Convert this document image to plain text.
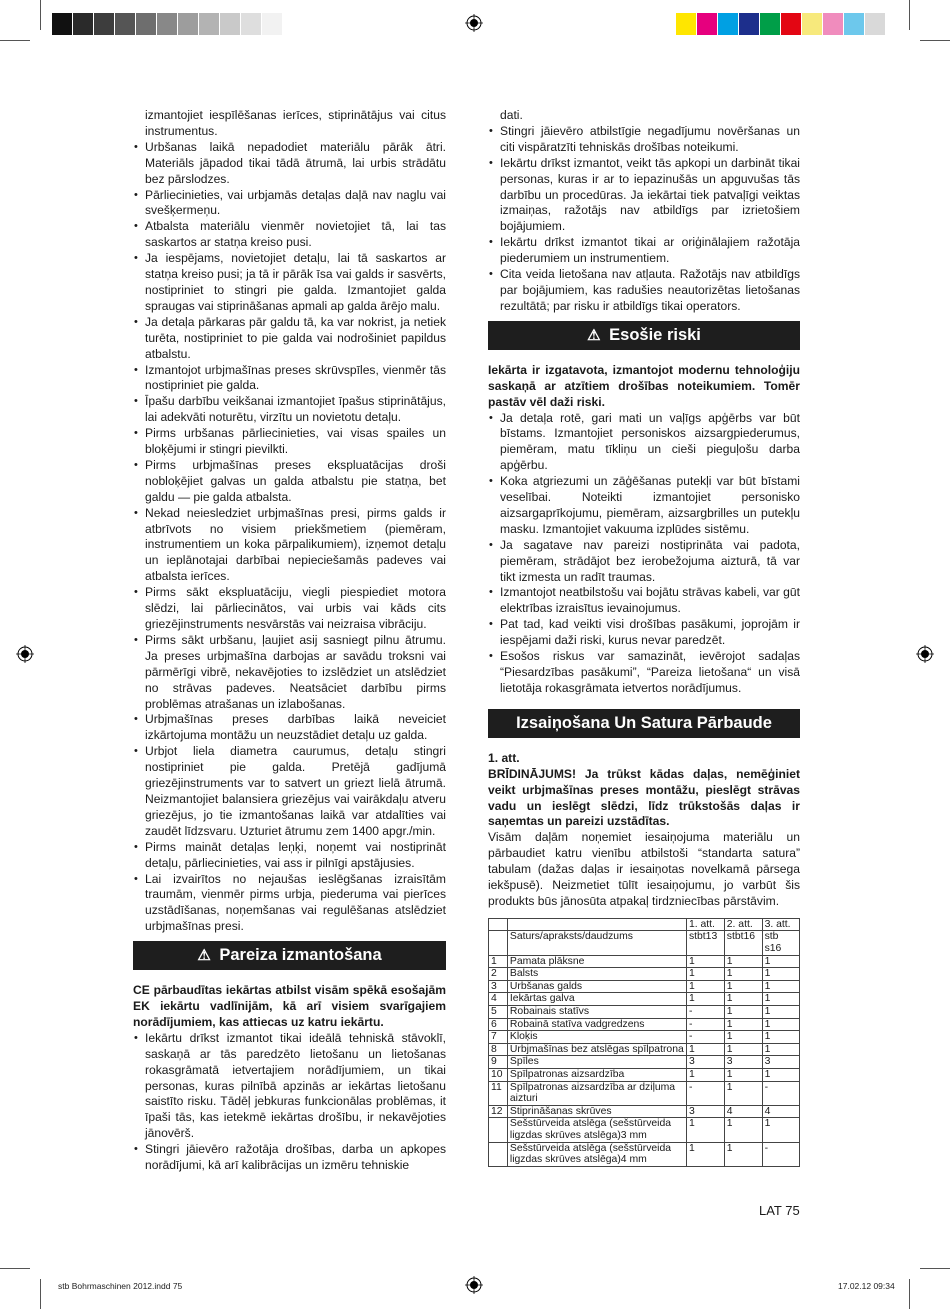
izmantojiet iespīlēšanas ierīces, stiprinātājus vai citus instrumentus.
• Urbšanas laikā nepadodiet materiālu pārāk ātri. Materiāls jāpadod tikai tādā ātrumā, lai urbis strādātu bez pārslodzes.
• Pārliecinieties, vai urbjamās detaļas daļā nav naglu vai svešķermeņu.
• Atbalsta materiālu vienmēr novietojiet tā, lai tas saskartos ar statņa kreiso pusi.
• Ja iespējams, novietojiet detaļu, lai tā saskartos ar statņa kreiso pusi; ja tā ir pārāk īsa vai galds ir sasvērts, nostipriniet to stingri pie galda. Izmantojiet galda spraugas vai stiprināšanas apmali ap galda ārējo malu.
• Ja detaļa pārkaras pār galdu tā, ka var nokrist, ja netiek turēta, nostipriniet to pie galda vai nodrošiniet papildus atbalstu.
• Izmantojot urbjmašīnas preses skrūvspīles, vienmēr tās nostipriniet pie galda.
• Īpašu darbību veikšanai izmantojiet īpašus stiprinātājus, lai adekvāti noturētu, virzītu un novietotu detaļu.
• Pirms urbšanas pārliecinieties, vai visas spailes un bloķējumi ir stingri pievilkti.
• Pirms urbjmašīnas preses ekspluatācijas droši nobloķējiet galvas un galda atbalstu pie statņa, bet galdu — pie galda atbalsta.
• Nekad neiesledziet urbjmašīnas presi, pirms galds ir atbrīvots no visiem priekšmetiem (piemēram, instrumentiem un koka pārpalikumiem), izņemot detaļu un ieplānotajai darbībai nepieciešamās padeves vai atbalsta ierīces.
• Pirms sākt ekspluatāciju, viegli piespiediet motora slēdzi, lai pārliecinātos, vai urbis vai kāds cits griezējinstruments nesvārstās vai neizraisa vibrāciju.
• Pirms sākt urbšanu, ļaujiet asij sasniegt pilnu ātrumu. Ja preses urbjmašīna darbojas ar savādu troksni vai pārmērīgi vibrē, nekavējoties to izslēdziet un atslēdziet no strāvas padeves. Neatsāciet darbību pirms problēmas atrašanas un izlabošanas.
• Urbjmašīnas preses darbības laikā neveiciet izkārtojuma montāžu un neuzstādiet detaļu uz galda.
• Urbjot liela diametra caurumus, detaļu stingri nostipriniet pie galda. Pretējā gadījumā griezējinstruments var to satvert un griezt lielā ātrumā. Neizmantojiet balansiera griezējus vai vairākdaļu atveru griezējus, jo tie izmantošanas laikā var atdalīties vai zaudēt līdzsvaru. Uzturiet ātrumu zem 1400 apgr./min.
• Pirms maināt detaļas leņķi, noņemt vai nostiprināt detaļu, pārliecinieties, vai ass ir pilnīgi apstājusies.
• Lai izvairītos no nejaušas ieslēgšanas izraisītām traumām, vienmēr pirms urbja, piederuma vai pierīces uzstādīšanas, noņemšanas vai regulēšanas atslēdziet urbjmašīnas presi.
⚠ Pareiza izmantošana

CE pārbaudītas iekārtas atbilst visām spēkā esošajām EK iekārtu vadlīnijām, kā arī visiem svarīgajiem norādījumiem, kas attiecas uz katru iekārtu.

• Iekārtu drīkst izmantot tikai ideālā tehniskā stāvoklī, saskaņā ar tās paredzēto lietošanu un lietošanas rokasgrāmatā ietvertajiem norādījumiem, un tikai personas, kuras pilnībā apzinās ar iekārtas lietošanu saistīto risku. Tādēļ jebkuras funkcionālas problēmas, it īpaši tās, kas ietekmē iekārtas drošību, ir nekavējoties jānovērš.
• Stingri jāievēro ražotāja drošības, darba un apkopes norādījumi, kā arī kalibrācijas un izmēru tehniskie
dati.
• Stingri jāievēro atbilstīgie negadījumu novēršanas un citi vispāratzīti tehniskās drošības noteikumi.
• Iekārtu drīkst izmantot, veikt tās apkopi un darbināt tikai personas, kuras ir ar to iepazinušās un apguvušas tās darbību un procedūras. Ja iekārtai tiek patvaļīgi veiktas izmaiņas, ražotājs nav atbildīgs par izrietošiem bojājumiem.
• Iekārtu drīkst izmantot tikai ar oriģinālajiem ražotāja piederumiem un instrumentiem.
• Cita veida lietošana nav atļauta. Ražotājs nav atbildīgs par bojājumiem, kas radušies neautorizētas lietošanas rezultātā; par risku ir atbildīgs tikai operators.
⚠ Esošie riski

Iekārta ir izgatavota, izmantojot modernu tehnoloģiju saskaņā ar atzītiem drošības noteikumiem. Tomēr pastāv vēl daži riski.

• Ja detaļa rotē, gari mati un vaļīgs apģērbs var būt bīstams. Izmantojiet personiskos aizsargpiederumus, piemēram, matu tīkliņu un cieši pieguļošu darba apģērbu.
• Koka atgriezumi un zāģēšanas putekļi var būt bīstami veselībai. Noteikti izmantojiet personisko aizsargaprīkojumu, piemēram, aizsargbrilles un putekļu masku. Izmantojiet vakuuma izplūdes sistēmu.
• Ja sagatave nav pareizi nostiprināta vai padota, piemēram, strādājot bez ierobežojuma aizturā, tā var tikt izmesta un radīt traumas.
• Izmantojot neatbilstošu vai bojātu strāvas kabeli, var gūt elektrības izraisītus ievainojumus.
• Pat tad, kad veikti visi drošības pasākumi, joprojām ir iespējami daži riski, kurus nevar paredzēt.
• Esošos riskus var samazināt, ievērojot sadaļas “Piesardzības pasākumi”, “Pareiza lietošana“ un visā lietotāja rokasgrāmata ietvertos norādījumus.
Izsaiņošana Un Satura Pārbaude

1. att.

BRĪDINĀJUMS! Ja trūkst kādas daļas, nemēģiniet veikt urbjmašīnas preses montāžu, pieslēgt strāvas vadu un ieslēgt slēdzi, līdz trūkstošās daļas ir saņemtas un pareizi uzstādītas.

Visām daļām noņemiet iesaiņojuma materiālu un pārbaudiet katru vienību atbilstoši “standarta satura” tabulam (dažas daļas ir iesaiņotas novelkamā pārsega iekšpusē). Neizmetiet tūlīt iesaiņojumu, jo varbūt šis produkts būs jānosūta atpakaļ tirdzniecības pārstāvim.

		1. att.	2. att.	3. att.
	Saturs/apraksts/daudzums	stbt13	stbt16	stb s16
1	Pamata plāksne	1	1	1
2	Balsts	1	1	1
3	Urbšanas galds	1	1	1
4	Iekārtas galva	1	1	1
5	Robainais statīvs	-	1	1
6	Robainā statīva vadgredzens	-	1	1
7	Kloķis	-	1	1
8	Urbjmašīnas bez atslēgas spīlpatrona	1	1	1
9	Spīles	3	3	3
10	Spīlpatronas aizsardzība	1	1	1
11	Spīlpatronas aizsardzība ar dziļuma aizturi	-	1	-
12	Stiprināšanas skrūves	3	4	4
	Sešstūrveida atslēga (sešstūrveida ligzdas skrūves atslēga)3 mm	1	1	1
	Sešstūrveida atslēga (sešstūrveida ligzdas skrūves atslēga)4 mm	1	1	-
LAT 75
stb Bohrmaschinen 2012.indd 75	17.02.12 09:34
